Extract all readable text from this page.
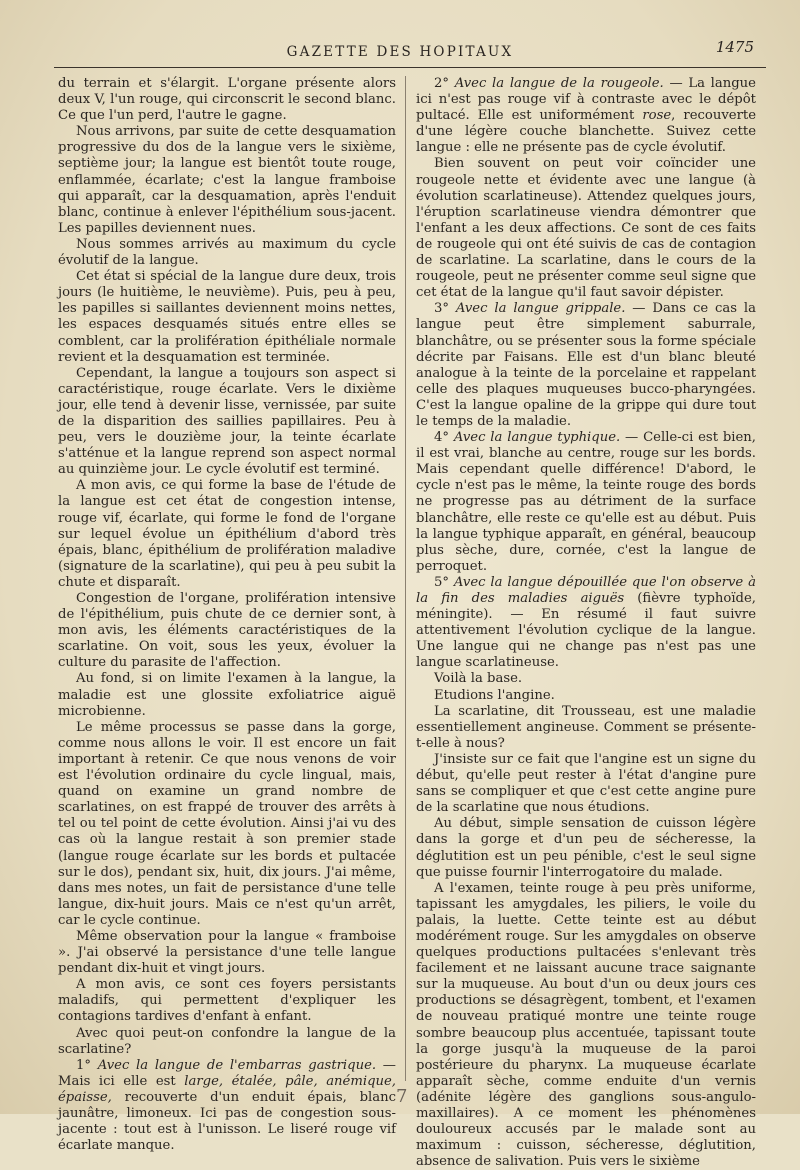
GAZETTE DES HOPITAUX	1475

du terrain et s'élargit. L'organe présente alors deux V, l'un rouge, qui circonscrit le second blanc. Ce que l'un perd, l'autre le gagne.

Nous arrivons, par suite de cette desquamation progressive du dos de la langue vers le sixième, septième jour; la langue est bientôt toute rouge, enflammée, écarlate; c'est la langue framboise qui apparaît, car la desquamation, après l'enduit blanc, continue à enlever l'épithélium sous-jacent. Les papilles deviennent nues.

Nous sommes arrivés au maximum du cycle évolutif de la langue.

Cet état si spécial de la langue dure deux, trois jours (le huitième, le neuvième). Puis, peu à peu, les papilles si saillantes deviennent moins nettes, les espaces desquamés situés entre elles se comblent, car la prolifération épithéliale normale revient et la desquamation est terminée.

Cependant, la langue a toujours son aspect si caractéristique, rouge écarlate. Vers le dixième jour, elle tend à devenir lisse, vernissée, par suite de la disparition des saillies papillaires. Peu à peu, vers le douzième jour, la teinte écarlate s'atténue et la langue reprend son aspect normal au quinzième jour. Le cycle évolutif est terminé.

A mon avis, ce qui forme la base de l'étude de la langue est cet état de congestion intense, rouge vif, écarlate, qui forme le fond de l'organe sur lequel évolue un épithélium d'abord très épais, blanc, épithélium de prolifération maladive (signature de la scarlatine), qui peu à peu subit la chute et disparaît.

Congestion de l'organe, prolifération intensive de l'épithélium, puis chute de ce dernier sont, à mon avis, les éléments caractéristiques de la scarlatine. On voit, sous les yeux, évoluer la culture du parasite de l'affection.

Au fond, si on limite l'examen à la langue, la maladie est une glossite exfoliatrice aiguë microbienne.

Le même processus se passe dans la gorge, comme nous allons le voir. Il est encore un fait important à retenir. Ce que nous venons de voir est l'évolution ordinaire du cycle lingual, mais, quand on examine un grand nombre de scarlatines, on est frappé de trouver des arrêts à tel ou tel point de cette évolution. Ainsi j'ai vu des cas où la langue restait à son premier stade (langue rouge écarlate sur les bords et pultacée sur le dos), pendant six, huit, dix jours. J'ai même, dans mes notes, un fait de persistance d'une telle langue, dix-huit jours. Mais ce n'est qu'un arrêt, car le cycle continue.

Même observation pour la langue « framboise ». J'ai observé la persistance d'une telle langue pendant dix-huit et vingt jours.

A mon avis, ce sont ces foyers persistants maladifs, qui permettent d'expliquer les contagions tardives d'enfant à enfant.

Avec quoi peut-on confondre la langue de la scarlatine?

1° Avec la langue de l'embarras gastrique. — Mais ici elle est large, étalée, pâle, anémique, épaisse, recouverte d'un enduit épais, blanc jaunâtre, limoneux. Ici pas de congestion sous-jacente : tout est à l'unisson. Le liseré rouge vif écarlate manque.

2° Avec la langue de la rougeole. — La langue ici n'est pas rouge vif à contraste avec le dépôt pultacé. Elle est uniformément rose, recouverte d'une légère couche blanchette. Suivez cette langue : elle ne présente pas de cycle évolutif.

Bien souvent on peut voir coïncider une rougeole nette et évidente avec une langue (à évolution scarlatineuse). Attendez quelques jours, l'éruption scarlatineuse viendra démontrer que l'enfant a les deux affections. Ce sont de ces faits de rougeole qui ont été suivis de cas de contagion de scarlatine. La scarlatine, dans le cours de la rougeole, peut ne présenter comme seul signe que cet état de la langue qu'il faut savoir dépister.

3° Avec la langue grippale. — Dans ce cas la langue peut être simplement saburrale, blanchâtre, ou se présenter sous la forme spéciale décrite par Faisans. Elle est d'un blanc bleuté analogue à la teinte de la porcelaine et rappelant celle des plaques muqueuses bucco-pharyngées. C'est la langue opaline de la grippe qui dure tout le temps de la maladie.

4° Avec la langue typhique. — Celle-ci est bien, il est vrai, blanche au centre, rouge sur les bords. Mais cependant quelle différence! D'abord, le cycle n'est pas le même, la teinte rouge des bords ne progresse pas au détriment de la surface blanchâtre, elle reste ce qu'elle est au début. Puis la langue typhique apparaît, en général, beaucoup plus sèche, dure, cornée, c'est la langue de perroquet.

5° Avec la langue dépouillée que l'on observe à la fin des maladies aiguës (fièvre typhoïde, méningite). — En résumé il faut suivre attentivement l'évolution cyclique de la langue. Une langue qui ne change pas n'est pas une langue scarlatineuse.

Voilà la base.

Etudions l'angine.

La scarlatine, dit Trousseau, est une maladie essentiellement angineuse. Comment se présente-t-elle à nous?

J'insiste sur ce fait que l'angine est un signe du début, qu'elle peut rester à l'état d'angine pure sans se compliquer et que c'est cette angine pure de la scarlatine que nous étudions.

Au début, simple sensation de cuisson légère dans la gorge et d'un peu de sécheresse, la déglutition est un peu pénible, c'est le seul signe que puisse fournir l'interrogatoire du malade.

A l'examen, teinte rouge à peu près uniforme, tapissant les amygdales, les piliers, le voile du palais, la luette. Cette teinte est au début modérément rouge. Sur les amygdales on observe quelques productions pultacées s'enlevant très facilement et ne laissant aucune trace saignante sur la muqueuse. Au bout d'un ou deux jours ces productions se désagrègent, tombent, et l'examen de nouveau pratiqué montre une teinte rouge sombre beaucoup plus accentuée, tapissant toute la gorge jusqu'à la muqueuse de la paroi postérieure du pharynx. La muqueuse écarlate apparaît sèche, comme enduite d'un vernis (adénite légère des ganglions sous-angulo-maxillaires). A ce moment les phénomènes douloureux accusés par le malade sont au maximum : cuisson, sécheresse, déglutition, absence de salivation. Puis vers le sixième

7
